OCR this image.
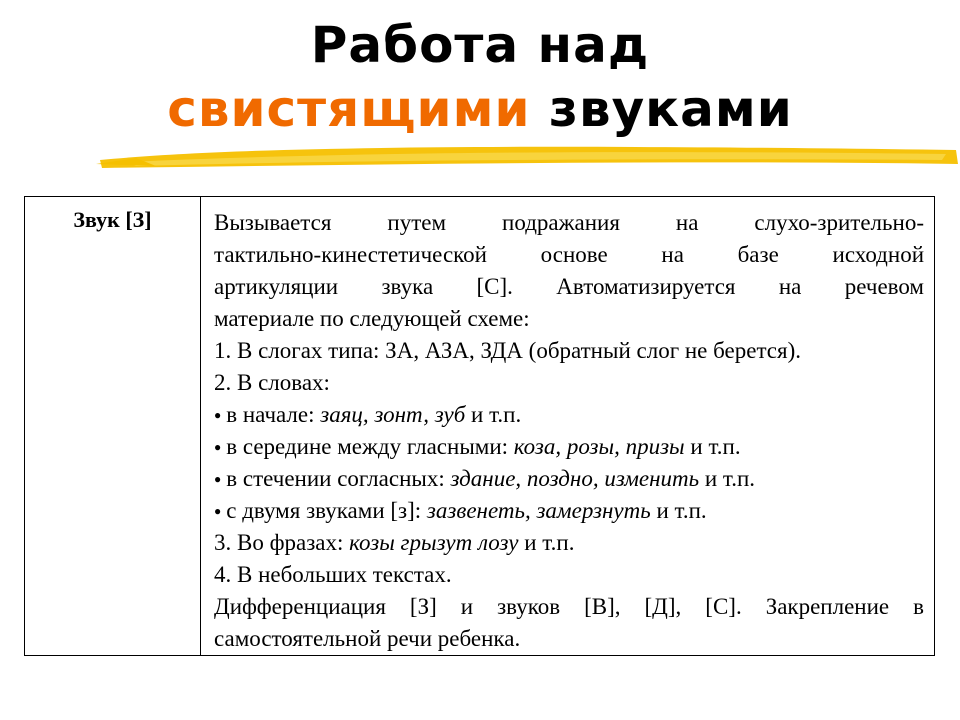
Работа над
свистящими звуками
Звук [З]	Вызывается путем подражания на слухо-зрительно-
тактильно-кинестетической основе на базе исходной
артикуляции звука [С]. Автоматизируется на речевом
материале по следующей схеме:
1. В слогах типа: ЗА, АЗА, ЗДА (обратный слог не берется).
2. В словах:
● в начале: заяц, зонт, зуб и т.п.
● в середине между гласными: коза, розы, призы и т.п.
● в стечении согласных: здание, поздно, изменить и т.п.
● с двумя звуками [з]: зазвенеть, замерзнуть и т.п.
3. Во фразах: козы грызут лозу и т.п.
4. В небольших текстах.
Дифференциация [З] и звуков [В], [Д], [С]. Закрепление в
самостоятельной речи ребенка.
